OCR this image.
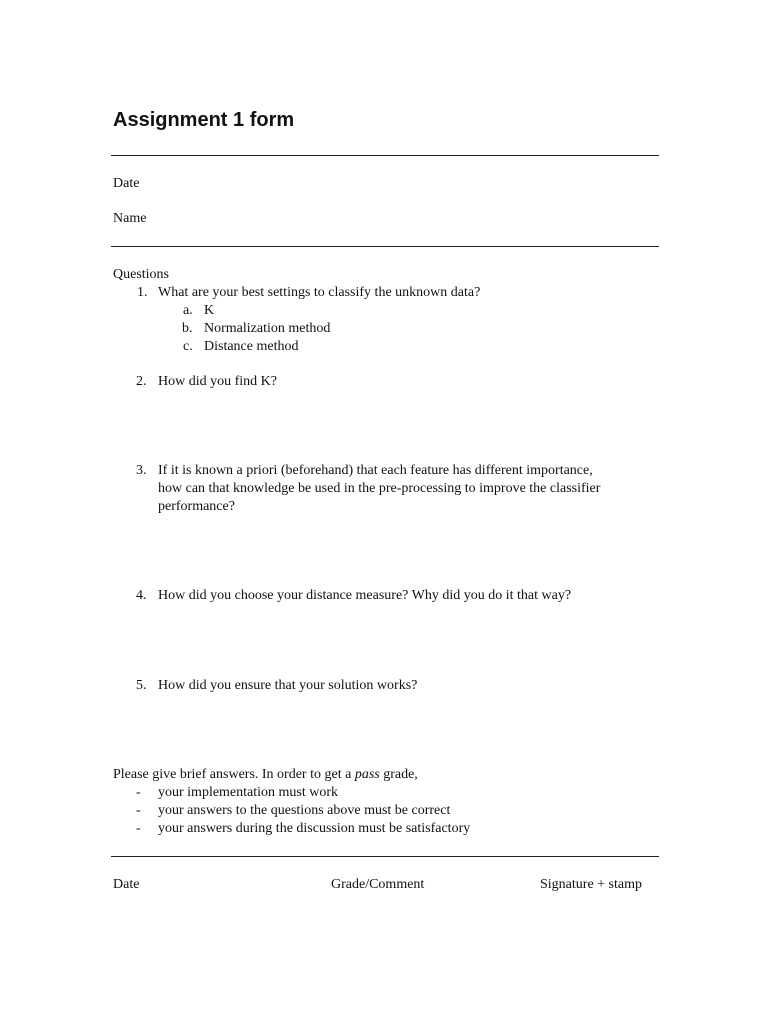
Assignment 1 form
Date
Name
Questions
1. What are your best settings to classify the unknown data?
a. K
b. Normalization method
c. Distance method
2. How did you find K?
3. If it is known a priori (beforehand) that each feature has different importance,
how can that knowledge be used in the pre-processing to improve the classifier
performance?
4. How did you choose your distance measure? Why did you do it that way?
5. How did you ensure that your solution works?
Please give brief answers. In order to get a pass grade,
- your implementation must work
- your answers to the questions above must be correct
- your answers during the discussion must be satisfactory
Date	Grade/Comment	Signature + stamp
